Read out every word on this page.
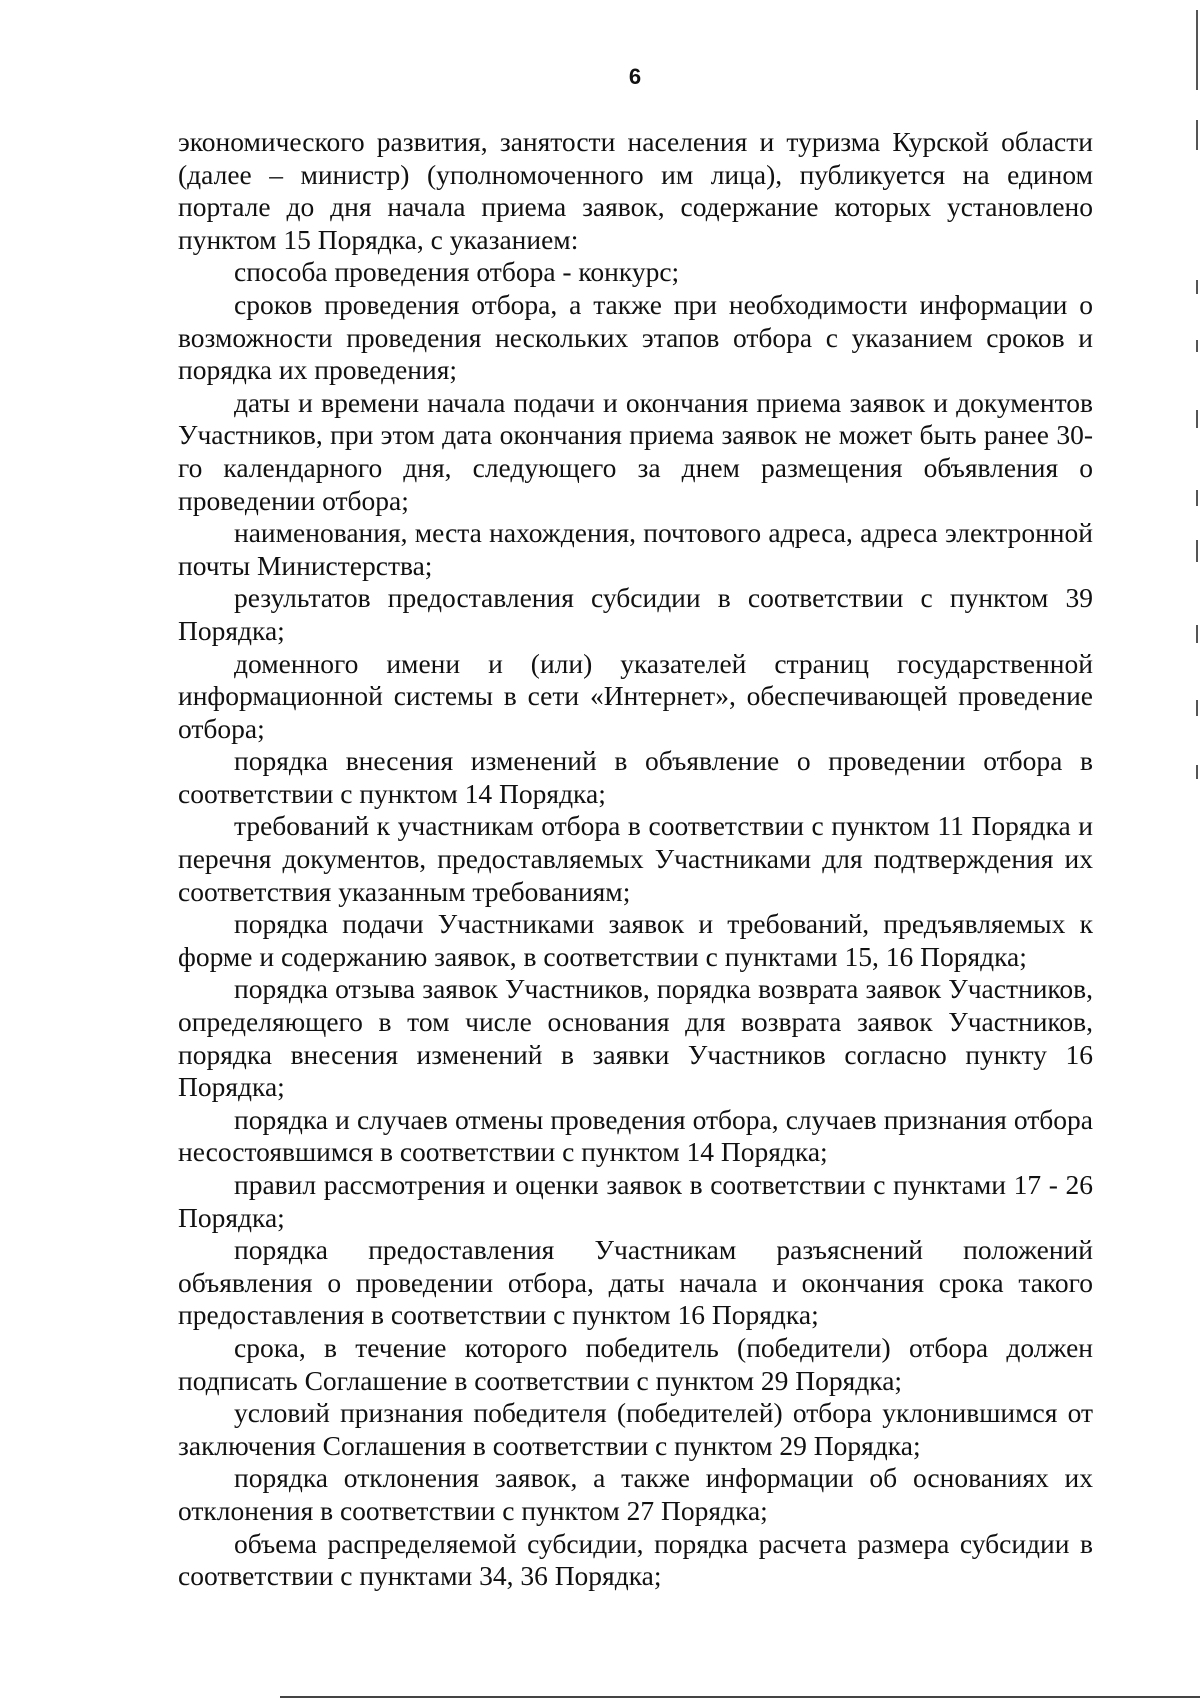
6

экономического развития, занятости населения и туризма Курской области (далее – министр) (уполномоченного им лица), публикуется на едином портале до дня начала приема заявок, содержание которых установлено пунктом 15 Порядка, с указанием:

способа проведения отбора - конкурс;

сроков проведения отбора, а также при необходимости информации о возможности проведения нескольких этапов отбора с указанием сроков и порядка их проведения;

даты и времени начала подачи и окончания приема заявок и документов Участников, при этом дата окончания приема заявок не может быть ранее 30-го календарного дня, следующего за днем размещения объявления о проведении отбора;

наименования, места нахождения, почтового адреса, адреса электронной почты Министерства;

результатов предоставления субсидии в соответствии с пунктом 39 Порядка;

доменного имени и (или) указателей страниц государственной информационной системы в сети «Интернет», обеспечивающей проведение отбора;

порядка внесения изменений в объявление о проведении отбора в соответствии с пунктом 14 Порядка;

требований к участникам отбора в соответствии с пунктом 11 Порядка и перечня документов, предоставляемых Участниками для подтверждения их соответствия указанным требованиям;

порядка подачи Участниками заявок и требований, предъявляемых к форме и содержанию заявок, в соответствии с пунктами 15, 16 Порядка;

порядка отзыва заявок Участников, порядка возврата заявок Участников, определяющего в том числе основания для возврата заявок Участников, порядка внесения изменений в заявки Участников согласно пункту 16 Порядка;

порядка и случаев отмены проведения отбора, случаев признания отбора несостоявшимся в соответствии с пунктом 14 Порядка;

правил рассмотрения и оценки заявок в соответствии с пунктами 17 - 26 Порядка;

порядка предоставления Участникам разъяснений положений объявления о проведении отбора, даты начала и окончания срока такого предоставления в соответствии с пунктом 16 Порядка;

срока, в течение которого победитель (победители) отбора должен подписать Соглашение в соответствии с пунктом 29 Порядка;

условий признания победителя (победителей) отбора уклонившимся от заключения Соглашения в соответствии с пунктом 29 Порядка;

порядка отклонения заявок, а также информации об основаниях их отклонения в соответствии с пунктом 27 Порядка;

объема распределяемой субсидии, порядка расчета размера субсидии в соответствии с пунктами 34, 36 Порядка;
